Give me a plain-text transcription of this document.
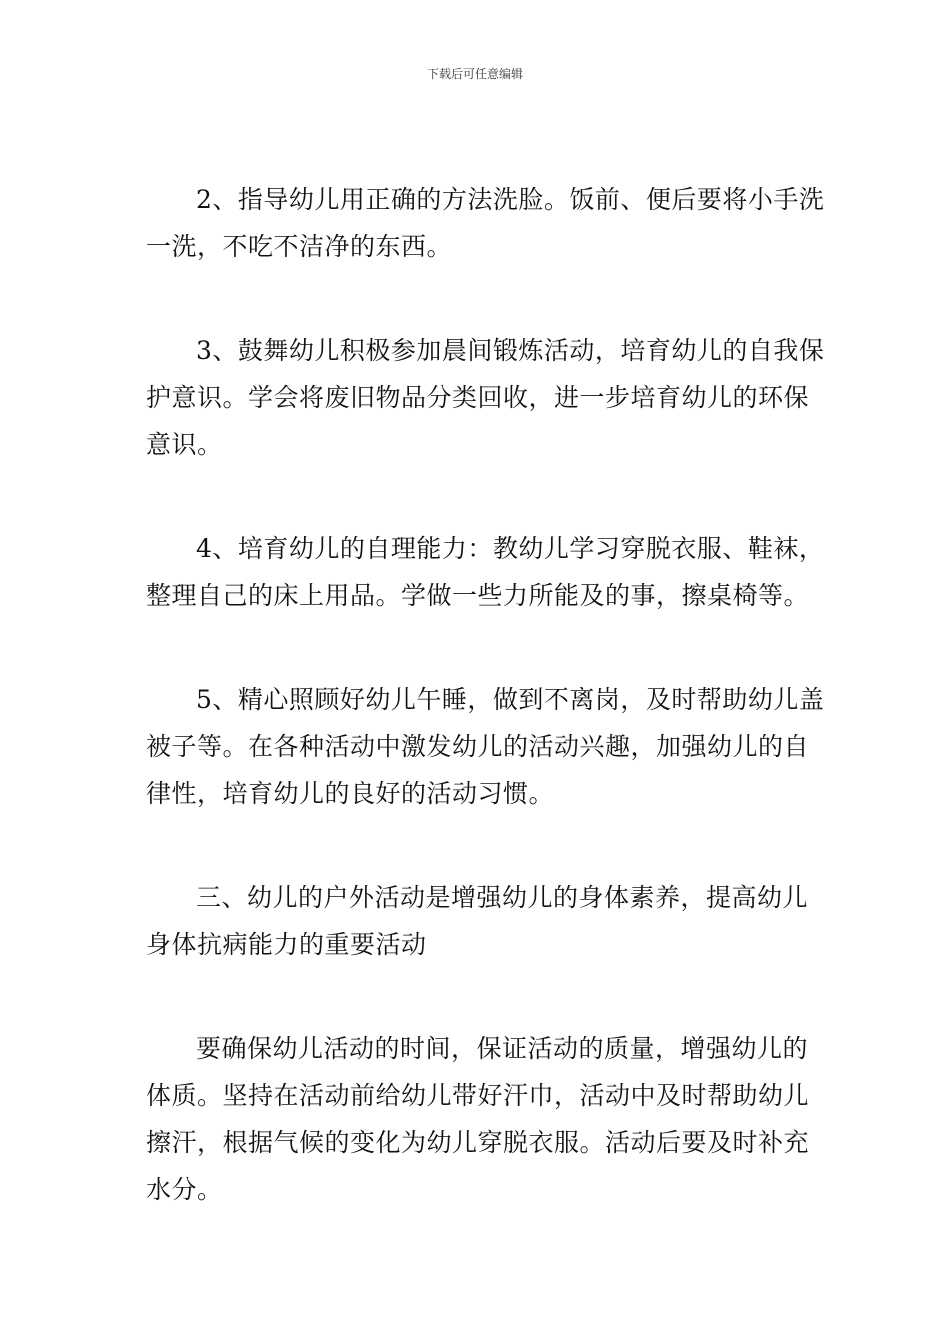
下载后可任意编辑

2、指导幼儿用正确的方法洗脸。饭前、便后要将小手洗一洗，不吃不洁净的东西。

3、鼓舞幼儿积极参加晨间锻炼活动，培育幼儿的自我保护意识。学会将废旧物品分类回收，进一步培育幼儿的环保意识。

4、培育幼儿的自理能力：教幼儿学习穿脱衣服、鞋袜，整理自己的床上用品。学做一些力所能及的事，擦桌椅等。

5、精心照顾好幼儿午睡，做到不离岗，及时帮助幼儿盖被子等。在各种活动中激发幼儿的活动兴趣，加强幼儿的自律性，培育幼儿的良好的活动习惯。

三、幼儿的户外活动是增强幼儿的身体素养，提高幼儿身体抗病能力的重要活动

要确保幼儿活动的时间，保证活动的质量，增强幼儿的体质。坚持在活动前给幼儿带好汗巾，活动中及时帮助幼儿擦汗，根据气候的变化为幼儿穿脱衣服。活动后要及时补充水分。
